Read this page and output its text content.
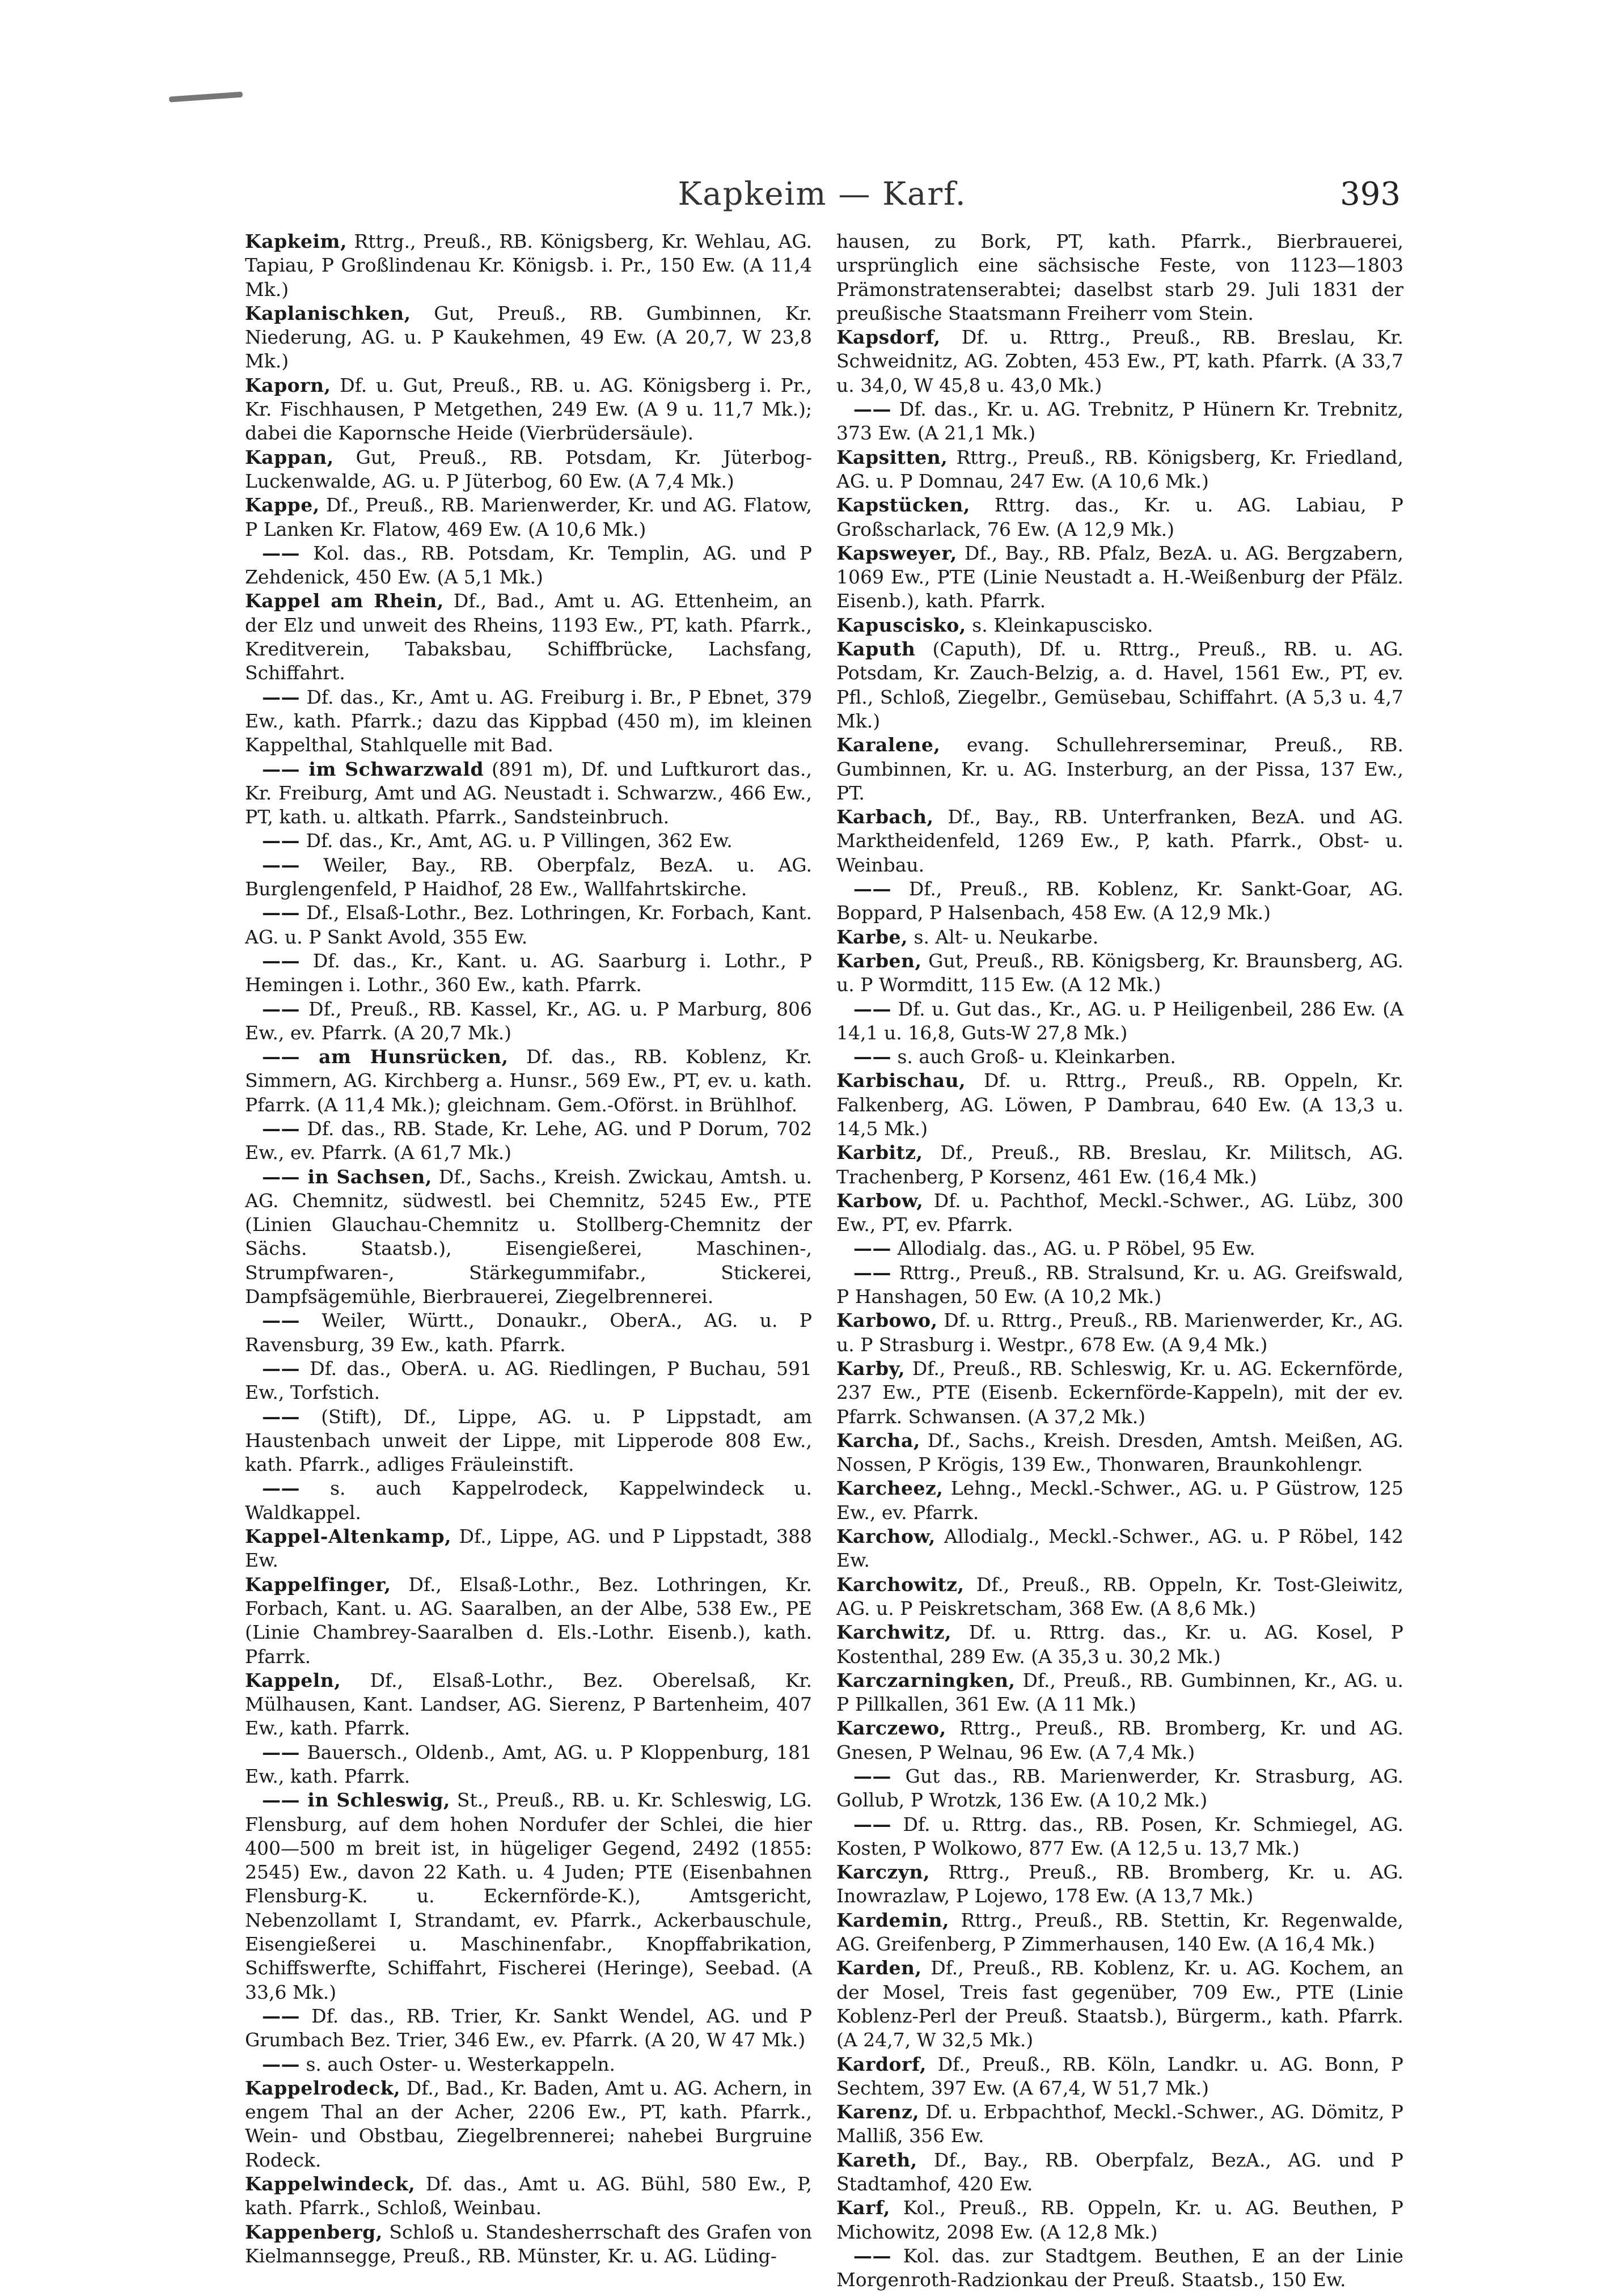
Kapkeim — Karf.	393

Kapkeim, Rttrg., Preuß., RB. Königsberg, Kr. Wehlau, AG. Tapiau, P Großlindenau Kr. Königsb. i. Pr., 150 Ew. (A 11,4 Mk.)

Kaplanischken, Gut, Preuß., RB. Gumbinnen, Kr. Niederung, AG. u. P Kaukehmen, 49 Ew. (A 20,7, W 23,8 Mk.)

Kaporn, Df. u. Gut, Preuß., RB. u. AG. Königsberg i. Pr., Kr. Fischhausen, P Metgethen, 249 Ew. (A 9 u. 11,7 Mk.); dabei die Kapornsche Heide (Vierbrüdersäule).

Kappan, Gut, Preuß., RB. Potsdam, Kr. Jüterbog-Luckenwalde, AG. u. P Jüterbog, 60 Ew. (A 7,4 Mk.)

Kappe, Df., Preuß., RB. Marienwerder, Kr. und AG. Flatow, P Lanken Kr. Flatow, 469 Ew. (A 10,6 Mk.)

—— Kol. das., RB. Potsdam, Kr. Templin, AG. und P Zehdenick, 450 Ew. (A 5,1 Mk.)

Kappel am Rhein, Df., Bad., Amt u. AG. Ettenheim, an der Elz und unweit des Rheins, 1193 Ew., PT, kath. Pfarrk., Kreditverein, Tabaksbau, Schiffbrücke, Lachsfang, Schiffahrt.

—— Df. das., Kr., Amt u. AG. Freiburg i. Br., P Ebnet, 379 Ew., kath. Pfarrk.; dazu das Kippbad (450 m), im kleinen Kappelthal, Stahlquelle mit Bad.

—— im Schwarzwald (891 m), Df. und Luftkurort das., Kr. Freiburg, Amt und AG. Neustadt i. Schwarzw., 466 Ew., PT, kath. u. altkath. Pfarrk., Sandsteinbruch.

—— Df. das., Kr., Amt, AG. u. P Villingen, 362 Ew.

—— Weiler, Bay., RB. Oberpfalz, BezA. u. AG. Burglengenfeld, P Haidhof, 28 Ew., Wallfahrtskirche.

—— Df., Elsaß-Lothr., Bez. Lothringen, Kr. Forbach, Kant. AG. u. P Sankt Avold, 355 Ew.

—— Df. das., Kr., Kant. u. AG. Saarburg i. Lothr., P Hemingen i. Lothr., 360 Ew., kath. Pfarrk.

—— Df., Preuß., RB. Kassel, Kr., AG. u. P Marburg, 806 Ew., ev. Pfarrk. (A 20,7 Mk.)

—— am Hunsrücken, Df. das., RB. Koblenz, Kr. Simmern, AG. Kirchberg a. Hunsr., 569 Ew., PT, ev. u. kath. Pfarrk. (A 11,4 Mk.); gleichnam. Gem.-Oförst. in Brühlhof.

—— Df. das., RB. Stade, Kr. Lehe, AG. und P Dorum, 702 Ew., ev. Pfarrk. (A 61,7 Mk.)

—— in Sachsen, Df., Sachs., Kreish. Zwickau, Amtsh. u. AG. Chemnitz, südwestl. bei Chemnitz, 5245 Ew., PTE (Linien Glauchau-Chemnitz u. Stollberg-Chemnitz der Sächs. Staatsb.), Eisengießerei, Maschinen-, Strumpfwaren-, Stärkegummifabr., Stickerei, Dampfsägemühle, Bierbrauerei, Ziegelbrennerei.

—— Weiler, Württ., Donaukr., OberA., AG. u. P Ravensburg, 39 Ew., kath. Pfarrk.

—— Df. das., OberA. u. AG. Riedlingen, P Buchau, 591 Ew., Torfstich.

—— (Stift), Df., Lippe, AG. u. P Lippstadt, am Haustenbach unweit der Lippe, mit Lipperode 808 Ew., kath. Pfarrk., adliges Fräuleinstift.

—— s. auch Kappelrodeck, Kappelwindeck u. Waldkappel.

Kappel-Altenkamp, Df., Lippe, AG. und P Lippstadt, 388 Ew.

Kappelfinger, Df., Elsaß-Lothr., Bez. Lothringen, Kr. Forbach, Kant. u. AG. Saaralben, an der Albe, 538 Ew., PE (Linie Chambrey-Saaralben d. Els.-Lothr. Eisenb.), kath. Pfarrk.

Kappeln, Df., Elsaß-Lothr., Bez. Oberelsaß, Kr. Mülhausen, Kant. Landser, AG. Sierenz, P Bartenheim, 407 Ew., kath. Pfarrk.

—— Bauersch., Oldenb., Amt, AG. u. P Kloppenburg, 181 Ew., kath. Pfarrk.

—— in Schleswig, St., Preuß., RB. u. Kr. Schleswig, LG. Flensburg, auf dem hohen Nordufer der Schlei, die hier 400—500 m breit ist, in hügeliger Gegend, 2492 (1855: 2545) Ew., davon 22 Kath. u. 4 Juden; PTE (Eisenbahnen Flensburg-K. u. Eckernförde-K.), Amtsgericht, Nebenzollamt I, Strandamt, ev. Pfarrk., Ackerbauschule, Eisengießerei u. Maschinenfabr., Knopffabrikation, Schiffswerfte, Schiffahrt, Fischerei (Heringe), Seebad. (A 33,6 Mk.)

—— Df. das., RB. Trier, Kr. Sankt Wendel, AG. und P Grumbach Bez. Trier, 346 Ew., ev. Pfarrk. (A 20, W 47 Mk.)

—— s. auch Oster- u. Westerkappeln.

Kappelrodeck, Df., Bad., Kr. Baden, Amt u. AG. Achern, in engem Thal an der Acher, 2206 Ew., PT, kath. Pfarrk., Wein- und Obstbau, Ziegelbrennerei; nahebei Burgruine Rodeck.

Kappelwindeck, Df. das., Amt u. AG. Bühl, 580 Ew., P, kath. Pfarrk., Schloß, Weinbau.

Kappenberg, Schloß u. Standesherrschaft des Grafen von Kielmannsegge, Preuß., RB. Münster, Kr. u. AG. Lüding-

hausen, zu Bork, PT, kath. Pfarrk., Bierbrauerei, ursprünglich eine sächsische Feste, von 1123—1803 Prämonstratenserabtei; daselbst starb 29. Juli 1831 der preußische Staatsmann Freiherr vom Stein.

Kapsdorf, Df. u. Rttrg., Preuß., RB. Breslau, Kr. Schweidnitz, AG. Zobten, 453 Ew., PT, kath. Pfarrk. (A 33,7 u. 34,0, W 45,8 u. 43,0 Mk.)

—— Df. das., Kr. u. AG. Trebnitz, P Hünern Kr. Trebnitz, 373 Ew. (A 21,1 Mk.)

Kapsitten, Rttrg., Preuß., RB. Königsberg, Kr. Friedland, AG. u. P Domnau, 247 Ew. (A 10,6 Mk.)

Kapstücken, Rttrg. das., Kr. u. AG. Labiau, P Großscharlack, 76 Ew. (A 12,9 Mk.)

Kapsweyer, Df., Bay., RB. Pfalz, BezA. u. AG. Bergzabern, 1069 Ew., PTE (Linie Neustadt a. H.-Weißenburg der Pfälz. Eisenb.), kath. Pfarrk.

Kapuscisko, s. Kleinkapuscisko.

Kaputh (Caputh), Df. u. Rttrg., Preuß., RB. u. AG. Potsdam, Kr. Zauch-Belzig, a. d. Havel, 1561 Ew., PT, ev. Pfl., Schloß, Ziegelbr., Gemüsebau, Schiffahrt. (A 5,3 u. 4,7 Mk.)

Karalene, evang. Schullehrerseminar, Preuß., RB. Gumbinnen, Kr. u. AG. Insterburg, an der Pissa, 137 Ew., PT.

Karbach, Df., Bay., RB. Unterfranken, BezA. und AG. Marktheidenfeld, 1269 Ew., P, kath. Pfarrk., Obst- u. Weinbau.

—— Df., Preuß., RB. Koblenz, Kr. Sankt-Goar, AG. Boppard, P Halsenbach, 458 Ew. (A 12,9 Mk.)

Karbe, s. Alt- u. Neukarbe.

Karben, Gut, Preuß., RB. Königsberg, Kr. Braunsberg, AG. u. P Wormditt, 115 Ew. (A 12 Mk.)

—— Df. u. Gut das., Kr., AG. u. P Heiligenbeil, 286 Ew. (A 14,1 u. 16,8, Guts-W 27,8 Mk.)

—— s. auch Groß- u. Kleinkarben.

Karbischau, Df. u. Rttrg., Preuß., RB. Oppeln, Kr. Falkenberg, AG. Löwen, P Dambrau, 640 Ew. (A 13,3 u. 14,5 Mk.)

Karbitz, Df., Preuß., RB. Breslau, Kr. Militsch, AG. Trachenberg, P Korsenz, 461 Ew. (16,4 Mk.)

Karbow, Df. u. Pachthof, Meckl.-Schwer., AG. Lübz, 300 Ew., PT, ev. Pfarrk.

—— Allodialg. das., AG. u. P Röbel, 95 Ew.

—— Rttrg., Preuß., RB. Stralsund, Kr. u. AG. Greifswald, P Hanshagen, 50 Ew. (A 10,2 Mk.)

Karbowo, Df. u. Rttrg., Preuß., RB. Marienwerder, Kr., AG. u. P Strasburg i. Westpr., 678 Ew. (A 9,4 Mk.)

Karby, Df., Preuß., RB. Schleswig, Kr. u. AG. Eckernförde, 237 Ew., PTE (Eisenb. Eckernförde-Kappeln), mit der ev. Pfarrk. Schwansen. (A 37,2 Mk.)

Karcha, Df., Sachs., Kreish. Dresden, Amtsh. Meißen, AG. Nossen, P Krögis, 139 Ew., Thonwaren, Braunkohlengr.

Karcheez, Lehng., Meckl.-Schwer., AG. u. P Güstrow, 125 Ew., ev. Pfarrk.

Karchow, Allodialg., Meckl.-Schwer., AG. u. P Röbel, 142 Ew.

Karchowitz, Df., Preuß., RB. Oppeln, Kr. Tost-Gleiwitz, AG. u. P Peiskretscham, 368 Ew. (A 8,6 Mk.)

Karchwitz, Df. u. Rttrg. das., Kr. u. AG. Kosel, P Kostenthal, 289 Ew. (A 35,3 u. 30,2 Mk.)

Karczarningken, Df., Preuß., RB. Gumbinnen, Kr., AG. u. P Pillkallen, 361 Ew. (A 11 Mk.)

Karczewo, Rttrg., Preuß., RB. Bromberg, Kr. und AG. Gnesen, P Welnau, 96 Ew. (A 7,4 Mk.)

—— Gut das., RB. Marienwerder, Kr. Strasburg, AG. Gollub, P Wrotzk, 136 Ew. (A 10,2 Mk.)

—— Df. u. Rttrg. das., RB. Posen, Kr. Schmiegel, AG. Kosten, P Wolkowo, 877 Ew. (A 12,5 u. 13,7 Mk.)

Karczyn, Rttrg., Preuß., RB. Bromberg, Kr. u. AG. Inowrazlaw, P Lojewo, 178 Ew. (A 13,7 Mk.)

Kardemin, Rttrg., Preuß., RB. Stettin, Kr. Regenwalde, AG. Greifenberg, P Zimmerhausen, 140 Ew. (A 16,4 Mk.)

Karden, Df., Preuß., RB. Koblenz, Kr. u. AG. Kochem, an der Mosel, Treis fast gegenüber, 709 Ew., PTE (Linie Koblenz-Perl der Preuß. Staatsb.), Bürgerm., kath. Pfarrk. (A 24,7, W 32,5 Mk.)

Kardorf, Df., Preuß., RB. Köln, Landkr. u. AG. Bonn, P Sechtem, 397 Ew. (A 67,4, W 51,7 Mk.)

Karenz, Df. u. Erbpachthof, Meckl.-Schwer., AG. Dömitz, P Malliß, 356 Ew.

Kareth, Df., Bay., RB. Oberpfalz, BezA., AG. und P Stadtamhof, 420 Ew.

Karf, Kol., Preuß., RB. Oppeln, Kr. u. AG. Beuthen, P Michowitz, 2098 Ew. (A 12,8 Mk.)

—— Kol. das. zur Stadtgem. Beuthen, E an der Linie Morgenroth-Radzionkau der Preuß. Staatsb., 150 Ew.
